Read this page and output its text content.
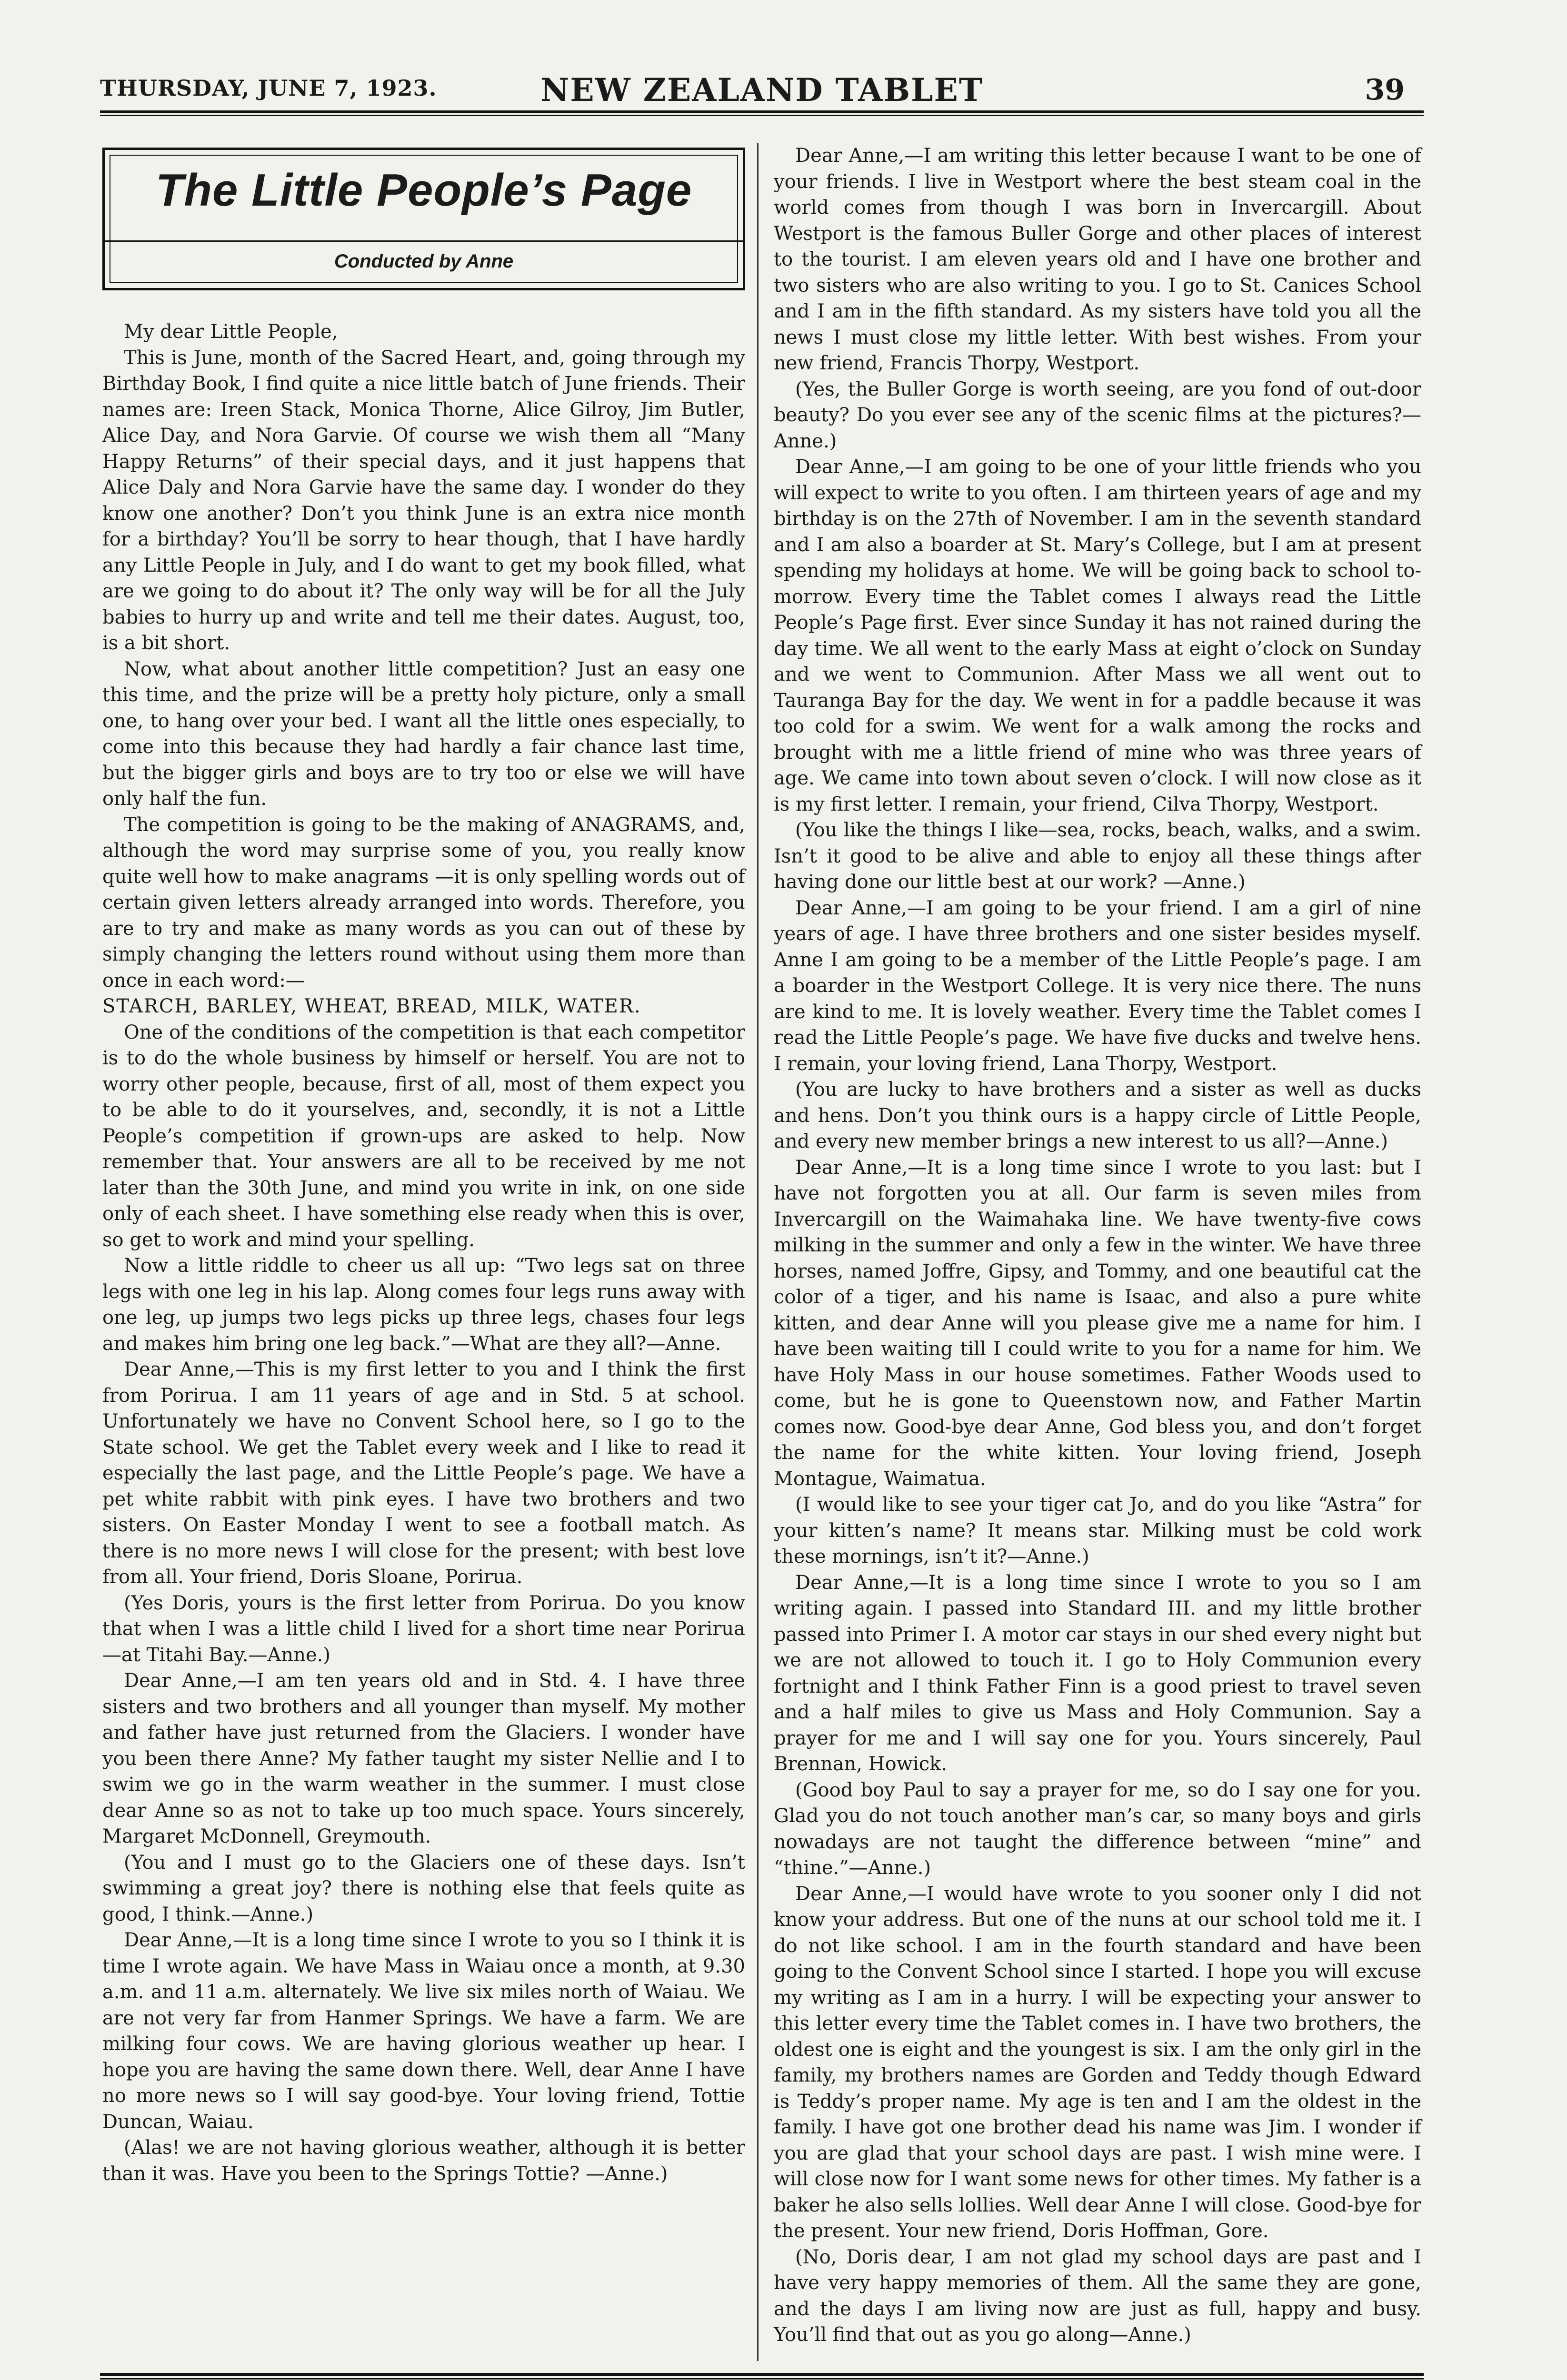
THURSDAY, JUNE 7, 1923.	NEW ZEALAND TABLET	39
The Little People’s Page
Conducted by Anne

My dear Little People,

This is June, month of the Sacred Heart, and, going through my Birthday Book, I find quite a nice little batch of June friends. Their names are: Ireen Stack, Monica Thorne, Alice Gilroy, Jim Butler, Alice Day, and Nora Garvie. Of course we wish them all “Many Happy Returns” of their special days, and it just happens that Alice Daly and Nora Garvie have the same day. I wonder do they know one another? Don’t you think June is an extra nice month for a birthday? You’ll be sorry to hear though, that I have hardly any Little People in July, and I do want to get my book filled, what are we going to do about it? The only way will be for all the July babies to hurry up and write and tell me their dates. August, too, is a bit short.

Now, what about another little competition? Just an easy one this time, and the prize will be a pretty holy picture, only a small one, to hang over your bed. I want all the little ones especially, to come into this because they had hardly a fair chance last time, but the bigger girls and boys are to try too or else we will have only half the fun.

The competition is going to be the making of ANAGRAMS, and, although the word may surprise some of you, you really know quite well how to make anagrams —it is only spelling words out of certain given letters already arranged into words. Therefore, you are to try and make as many words as you can out of these by simply changing the letters round without using them more than once in each word:—

STARCH, BARLEY, WHEAT, BREAD, MILK, WATER.

One of the conditions of the competition is that each competitor is to do the whole business by himself or herself. You are not to worry other people, because, first of all, most of them expect you to be able to do it yourselves, and, secondly, it is not a Little People’s competition if grown-ups are asked to help. Now remember that. Your answers are all to be received by me not later than the 30th June, and mind you write in ink, on one side only of each sheet. I have something else ready when this is over, so get to work and mind your spelling.

Now a little riddle to cheer us all up: “Two legs sat on three legs with one leg in his lap. Along comes four legs runs away with one leg, up jumps two legs picks up three legs, chases four legs and makes him bring one leg back.”—What are they all?—Anne.

Dear Anne,—This is my first letter to you and I think the first from Porirua. I am 11 years of age and in Std. 5 at school. Unfortunately we have no Convent School here, so I go to the State school. We get the Tablet every week and I like to read it especially the last page, and the Little People’s page. We have a pet white rabbit with pink eyes. I have two brothers and two sisters. On Easter Monday I went to see a football match. As there is no more news I will close for the present; with best love from all. Your friend, Doris Sloane, Porirua.

(Yes Doris, yours is the first letter from Porirua. Do you know that when I was a little child I lived for a short time near Porirua—at Titahi Bay.—Anne.)

Dear Anne,—I am ten years old and in Std. 4. I have three sisters and two brothers and all younger than myself. My mother and father have just returned from the Glaciers. I wonder have you been there Anne? My father taught my sister Nellie and I to swim we go in the warm weather in the summer. I must close dear Anne so as not to take up too much space. Yours sincerely, Margaret McDonnell, Greymouth.

(You and I must go to the Glaciers one of these days. Isn’t swimming a great joy? there is nothing else that feels quite as good, I think.—Anne.)

Dear Anne,—It is a long time since I wrote to you so I think it is time I wrote again. We have Mass in Waiau once a month, at 9.30 a.m. and 11 a.m. alternately. We live six miles north of Waiau. We are not very far from Hanmer Springs. We have a farm. We are milking four cows. We are having glorious weather up hear. I hope you are having the same down there. Well, dear Anne I have no more news so I will say good-bye. Your loving friend, Tottie Duncan, Waiau.

(Alas! we are not having glorious weather, although it is better than it was. Have you been to the Springs Tottie? —Anne.)

Dear Anne,—I am writing this letter because I want to be one of your friends. I live in Westport where the best steam coal in the world comes from though I was born in Invercargill. About Westport is the famous Buller Gorge and other places of interest to the tourist. I am eleven years old and I have one brother and two sisters who are also writing to you. I go to St. Canices School and I am in the fifth standard. As my sisters have told you all the news I must close my little letter. With best wishes. From your new friend, Francis Thorpy, Westport.

(Yes, the Buller Gorge is worth seeing, are you fond of out-door beauty? Do you ever see any of the scenic films at the pictures?—Anne.)

Dear Anne,—I am going to be one of your little friends who you will expect to write to you often. I am thirteen years of age and my birthday is on the 27th of November. I am in the seventh standard and I am also a boarder at St. Mary’s College, but I am at present spending my holidays at home. We will be going back to school to-morrow. Every time the Tablet comes I always read the Little People’s Page first. Ever since Sunday it has not rained during the day time. We all went to the early Mass at eight o’clock on Sunday and we went to Communion. After Mass we all went out to Tauranga Bay for the day. We went in for a paddle because it was too cold for a swim. We went for a walk among the rocks and brought with me a little friend of mine who was three years of age. We came into town about seven o’clock. I will now close as it is my first letter. I remain, your friend, Cilva Thorpy, Westport.

(You like the things I like—sea, rocks, beach, walks, and a swim. Isn’t it good to be alive and able to enjoy all these things after having done our little best at our work? —Anne.)

Dear Anne,—I am going to be your friend. I am a girl of nine years of age. I have three brothers and one sister besides myself. Anne I am going to be a member of the Little People’s page. I am a boarder in the Westport College. It is very nice there. The nuns are kind to me. It is lovely weather. Every time the Tablet comes I read the Little People’s page. We have five ducks and twelve hens. I remain, your loving friend, Lana Thorpy, Westport.

(You are lucky to have brothers and a sister as well as ducks and hens. Don’t you think ours is a happy circle of Little People, and every new member brings a new interest to us all?—Anne.)

Dear Anne,—It is a long time since I wrote to you last: but I have not forgotten you at all. Our farm is seven miles from Invercargill on the Waimahaka line. We have twenty-five cows milking in the summer and only a few in the winter. We have three horses, named Joffre, Gipsy, and Tommy, and one beautiful cat the color of a tiger, and his name is Isaac, and also a pure white kitten, and dear Anne will you please give me a name for him. I have been waiting till I could write to you for a name for him. We have Holy Mass in our house sometimes. Father Woods used to come, but he is gone to Queenstown now, and Father Martin comes now. Good-bye dear Anne, God bless you, and don’t forget the name for the white kitten. Your loving friend, Joseph Montague, Waimatua.

(I would like to see your tiger cat Jo, and do you like “Astra” for your kitten’s name? It means star. Milking must be cold work these mornings, isn’t it?—Anne.)

Dear Anne,—It is a long time since I wrote to you so I am writing again. I passed into Standard III. and my little brother passed into Primer I. A motor car stays in our shed every night but we are not allowed to touch it. I go to Holy Communion every fortnight and I think Father Finn is a good priest to travel seven and a half miles to give us Mass and Holy Communion. Say a prayer for me and I will say one for you. Yours sincerely, Paul Brennan, Howick.

(Good boy Paul to say a prayer for me, so do I say one for you. Glad you do not touch another man’s car, so many boys and girls nowadays are not taught the difference between “mine” and “thine.”—Anne.)

Dear Anne,—I would have wrote to you sooner only I did not know your address. But one of the nuns at our school told me it. I do not like school. I am in the fourth standard and have been going to the Convent School since I started. I hope you will excuse my writing as I am in a hurry. I will be expecting your answer to this letter every time the Tablet comes in. I have two brothers, the oldest one is eight and the youngest is six. I am the only girl in the family, my brothers names are Gorden and Teddy though Edward is Teddy’s proper name. My age is ten and I am the oldest in the family. I have got one brother dead his name was Jim. I wonder if you are glad that your school days are past. I wish mine were. I will close now for I want some news for other times. My father is a baker he also sells lollies. Well dear Anne I will close. Good-bye for the present. Your new friend, Doris Hoffman, Gore.

(No, Doris dear, I am not glad my school days are past and I have very happy memories of them. All the same they are gone, and the days I am living now are just as full, happy and busy. You’ll find that out as you go along—Anne.)
